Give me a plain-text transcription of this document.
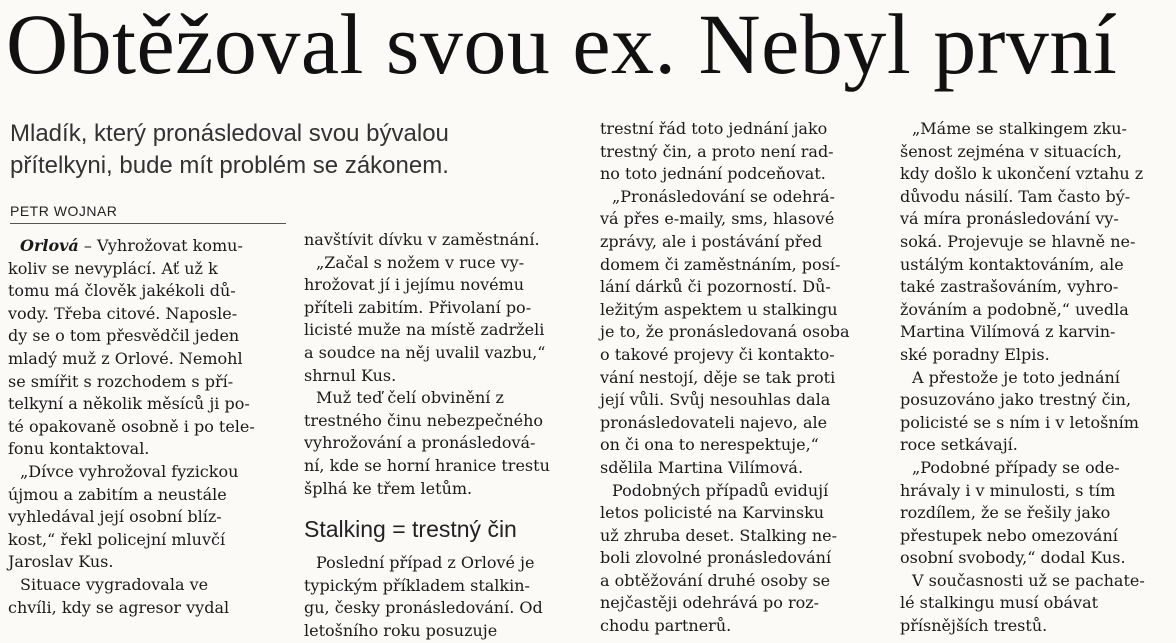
Obtěžoval svou ex. Nebyl první

Mladík, který pronásledoval svou bývalou

přítelkyni, bude mít problém se zákonem.

PETR WOJNAR

Orlová – Vyhrožovat komu-

koliv se nevyplácí. Ať už k

tomu má člověk jakékoli dů-

vody. Třeba citové. Naposle-

dy se o tom přesvědčil jeden

mladý muž z Orlové. Nemohl

se smířit s rozchodem s pří-

telkyní a několik měsíců ji po-

té opakovaně osobně i po tele-

fonu kontaktoval.

„Dívce vyhrožoval fyzickou

újmou a zabitím a neustále

vyhledával její osobní blíz-

kost,“ řekl policejní mluvčí

Jaroslav Kus.

Situace vygradovala ve

chvíli, kdy se agresor vydal

navštívit dívku v zaměstnání.

„Začal s nožem v ruce vy-

hrožovat jí i jejímu novému

příteli zabitím. Přivolaní po-

licisté muže na místě zadrželi

a soudce na něj uvalil vazbu,“

shrnul Kus.

Muž teď čelí obvinění z

trestného činu nebezpečného

vyhrožování a pronásledová-

ní, kde se horní hranice trestu

šplhá ke třem letům.

Stalking = trestný čin

Poslední případ z Orlové je

typickým příkladem stalkin-

gu, česky pronásledování. Od

letošního roku posuzuje

trestní řád toto jednání jako

trestný čin, a proto není rad-

no toto jednání podceňovat.

„Pronásledování se odehrá-

vá přes e-maily, sms, hlasové

zprávy, ale i postávání před

domem či zaměstnáním, posí-

lání dárků či pozorností. Dů-

ležitým aspektem u stalkingu

je to, že pronásledovaná osoba

o takové projevy či kontakto-

vání nestojí, děje se tak proti

její vůli. Svůj nesouhlas dala

pronásledovateli najevo, ale

on či ona to nerespektuje,“

sdělila Martina Vilímová.

Podobných případů evidují

letos policisté na Karvinsku

už zhruba deset. Stalking ne-

boli zlovolné pronásledování

a obtěžování druhé osoby se

nejčastěji odehrává po roz-

chodu partnerů.

„Máme se stalkingem zku-

šenost zejména v situacích,

kdy došlo k ukončení vztahu z

důvodu násilí. Tam často bý-

vá míra pronásledování vy-

soká. Projevuje se hlavně ne-

ustálým kontaktováním, ale

také zastrašováním, vyhro-

žováním a podobně,“ uvedla

Martina Vilímová z karvin-

ské poradny Elpis.

A přestože je toto jednání

posuzováno jako trestný čin,

policisté se s ním i v letošním

roce setkávají.

„Podobné případy se ode-

hrávaly i v minulosti, s tím

rozdílem, že se řešily jako

přestupek nebo omezování

osobní svobody,“ dodal Kus.

V současnosti už se pachate-

lé stalkingu musí obávat

přísnějších trestů.
